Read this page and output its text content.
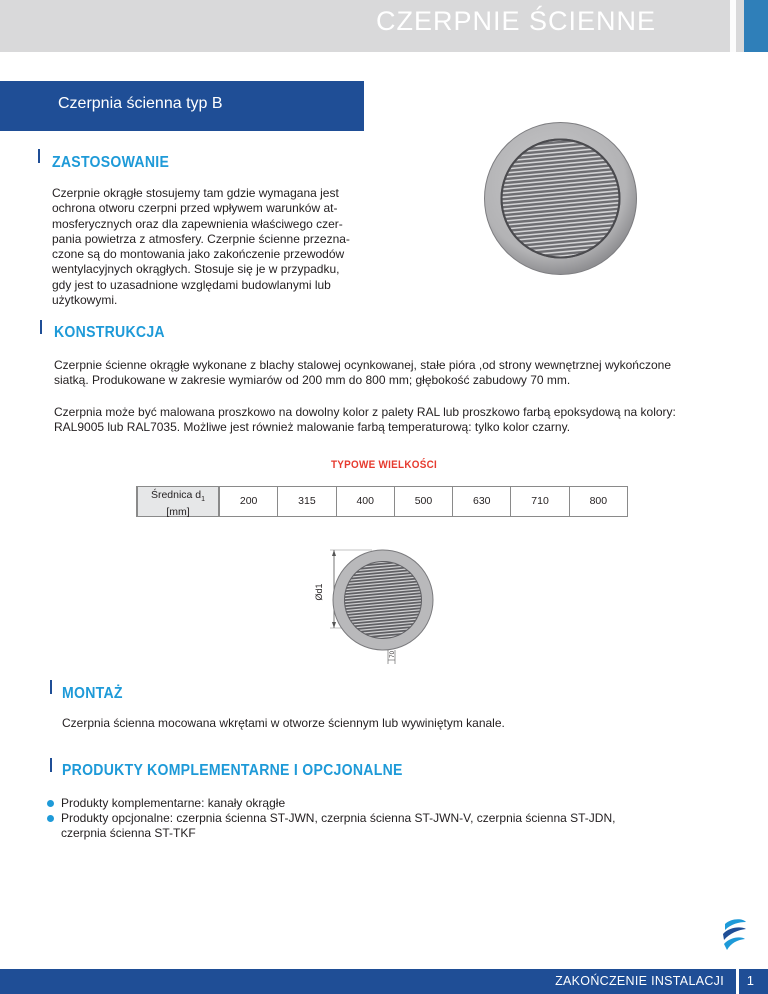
CZERPNIE ŚCIENNE
Czerpnia ścienna typ B
ZASTOSOWANIE
Czerpnie okrągłe stosujemy tam gdzie wymagana jest
ochrona otworu czerpni przed wpływem warunków at-
mosferycznych oraz dla zapewnienia właściwego czer-
pania powietrza z atmosfery. Czerpnie ścienne przezna-
czone są do montowania jako zakończenie przewodów
wentylacyjnych okrągłych. Stosuje się je w przypadku,
gdy jest to uzasadnione względami budowlanymi lub
użytkowymi.
KONSTRUKCJA
Czerpnie ścienne okrągłe wykonane z blachy stalowej ocynkowanej, stałe pióra ,od strony wewnętrznej wykończone
siatką. Produkowane w zakresie wymiarów od 200 mm do 800 mm; głębokość zabudowy 70 mm.
Czerpnia może być malowana proszkowo na dowolny kolor z palety RAL lub proszkowo farbą epoksydową na kolory:
RAL9005 lub RAL7035. Możliwe jest również malowanie farbą temperaturową: tylko kolor czarny.
TYPOWE WIELKOŚCI
Średnica $d_1$
[mm]
200	315	400	500	630	710	800
Ød1
70
MONTAŻ
Czerpnia ścienna mocowana wkrętami w otworze ściennym lub wywiniętym kanale.
PRODUKTY KOMPLEMENTARNE I OPCJONALNE
Produkty komplementarne: kanały okrągłe
Produkty opcjonalne: czerpnia ścienna ST-JWN, czerpnia ścienna ST-JWN-V, czerpnia ścienna ST-JDN,
czerpnia ścienna ST-TKF
ZAKOŃCZENIE INSTALACJI 1
